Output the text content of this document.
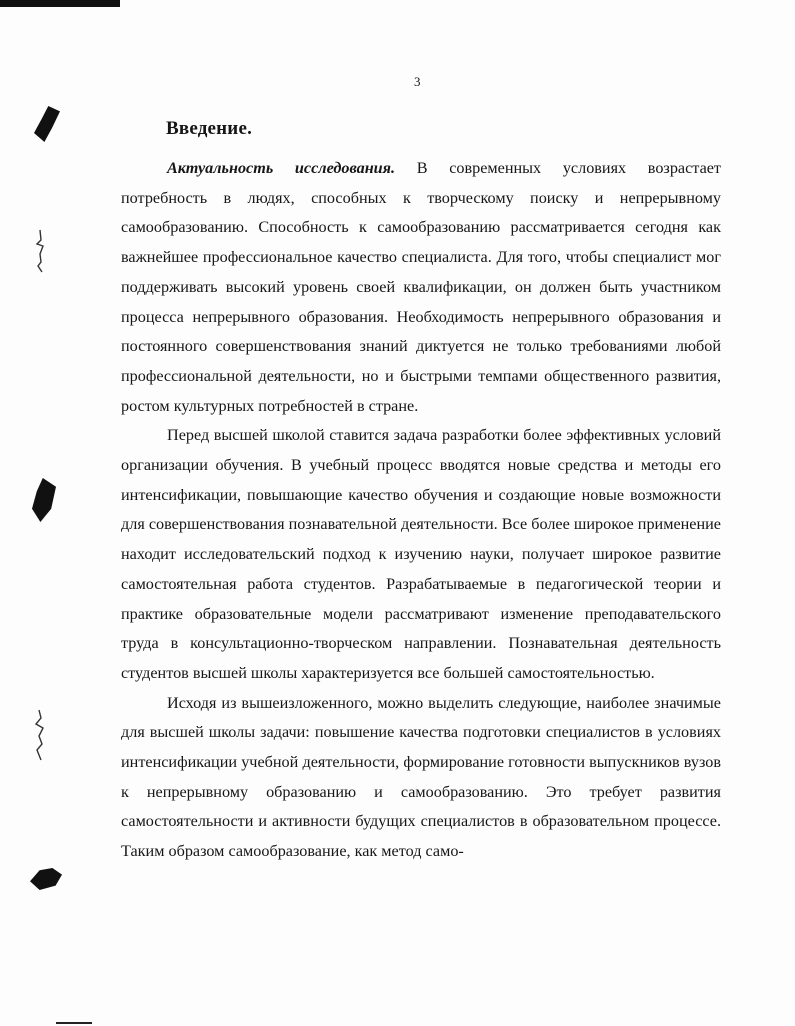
3
Введение.

Актуальность исследования. В современных условиях возрастает потребность в людях, способных к творческому поиску и непрерывному самообразованию. Способность к самообразованию рассматривается сегодня как важнейшее профессиональное качество специалиста. Для того, чтобы специалист мог поддерживать высокий уровень своей квалификации, он должен быть участником процесса непрерывного образования. Необходимость непрерывного образования и постоянного совершенствования знаний диктуется не только требованиями любой профессиональной деятельности, но и быстрыми темпами общественного развития, ростом культурных потребностей в стране.

Перед высшей школой ставится задача разработки более эффективных условий организации обучения. В учебный процесс вводятся новые средства и методы его интенсификации, повышающие качество обучения и создающие новые возможности для совершенствования познавательной деятельности. Все более широкое применение находит исследовательский подход к изучению науки, получает широкое развитие самостоятельная работа студентов. Разрабатываемые в педагогической теории и практике образовательные модели рассматривают изменение преподавательского труда в консультационно-творческом направлении. Познавательная деятельность студентов высшей школы характеризуется все большей самостоятельностью.

Исходя из вышеизложенного, можно выделить следующие, наиболее значимые для высшей школы задачи: повышение качества подготовки специалистов в условиях интенсификации учебной деятельности, формирование готовности выпускников вузов к непрерывному образованию и самообразованию. Это требует развития самостоятельности и активности будущих специалистов в образовательном процессе. Таким образом самообразование, как метод само-
